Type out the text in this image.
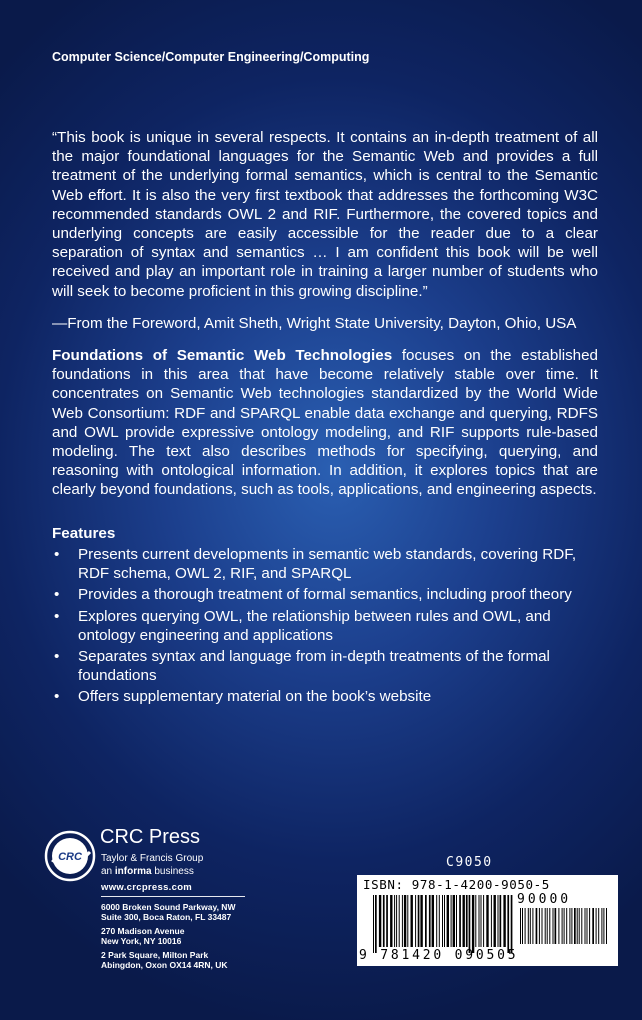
Computer Science/Computer Engineering/Computing

“This book is unique in several respects. It contains an in-depth treatment of all the major foundational languages for the Semantic Web and provides a full treatment of the underlying formal semantics, which is central to the Semantic Web effort. It is also the very first textbook that addresses the forthcoming W3C recommended standards OWL 2 and RIF. Furthermore, the covered topics and underlying concepts are easily accessible for the reader due to a clear separation of syntax and semantics … I am confident this book will be well received and play an important role in training a larger number of students who will seek to become proficient in this growing discipline.”

—From the Foreword, Amit Sheth, Wright State University, Dayton, Ohio, USA

Foundations of Semantic Web Technologies focuses on the established foundations in this area that have become relatively stable over time. It concentrates on Semantic Web technologies standardized by the World Wide Web Consortium: RDF and SPARQL enable data exchange and querying, RDFS and OWL provide expressive ontology modeling, and RIF supports rule-based modeling. The text also describes methods for specifying, querying, and reasoning with ontological information. In addition, it explores topics that are clearly beyond foundations, such as tools, applications, and engineering aspects.

Features
• Presents current developments in semantic web standards, covering RDF, RDF schema, OWL 2, RIF, and SPARQL
• Provides a thorough treatment of formal semantics, including proof theory
• Explores querying OWL, the relationship between rules and OWL, and ontology engineering and applications
• Separates syntax and language from in-depth treatments of the formal foundations
• Offers supplementary material on the book’s website
CRC
CRC Press
Taylor & Francis Group
an informa business
www.crcpress.com
6000 Broken Sound Parkway, NW
Suite 300, Boca Raton, FL 33487
270 Madison Avenue
New York, NY 10016
2 Park Square, Milton Park
Abingdon, Oxon OX14 4RN, UK
C9050
ISBN: 978-1-4200-9050-5
90000
9 781420 090505
